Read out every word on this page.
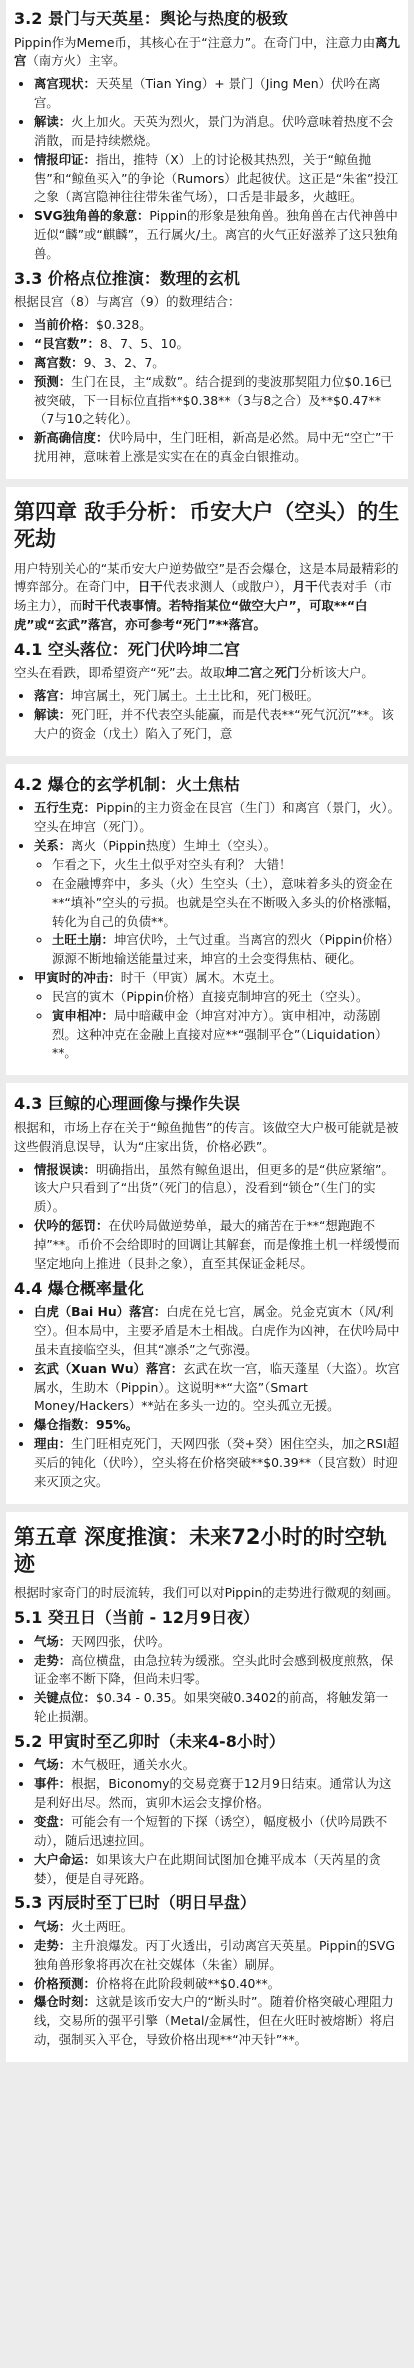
3.2 景门与天英星：舆论与热度的极致

Pippin作为Meme币，其核心在于“注意力”。在奇门中，注意力由离九宫（南方火）主宰。

• 离宫现状：天英星（Tian Ying）+ 景门（Jing Men）伏吟在离宫。
• 解读：火上加火。天英为烈火，景门为消息。伏吟意味着热度不会消散，而是持续燃烧。
• 情报印证：指出，推特（X）上的讨论极其热烈，关于“鲸鱼抛售”和“鲸鱼买入”的争论（Rumors）此起彼伏。这正是“朱雀”投江之象（离宫隐神往往带朱雀气场），口舌是非最多，火越旺。
• SVG独角兽的象意：Pippin的形象是独角兽。独角兽在古代神兽中近似“麟”或“麒麟”，五行属火/土。离宫的火气正好滋养了这只独角兽。
3.3 价格点位推演：数理的玄机

根据艮宫（8）与离宫（9）的数理结合：

• 当前价格：$0.328。
• “艮宫数”：8、7、5、10。
• 离宫数：9、3、2、7。
• 预测：生门在艮，主“成数”。结合提到的斐波那契阻力位$0.16已被突破，下一目标位直指**$0.38**（3与8之合）及**$0.47**（7与10之转化）。
• 新高确信度：伏吟局中，生门旺相，新高是必然。局中无“空亡”干扰用神，意味着上涨是实实在在的真金白银推动。
第四章 敌手分析：币安大户（空头）的生死劫

用户特别关心的“某币安大户逆势做空”是否会爆仓，这是本局最精彩的博弈部分。在奇门中，日干代表求测人（或散户），月干代表对手（市场主力），而时干代表事情。若特指某位“做空大户”，可取**“白虎”或“玄武”落宫，亦可参考“死门”**落宫。

4.1 空头落位：死门伏吟坤二宫

空头在看跌，即希望资产“死”去。故取坤二宫之死门分析该大户。

• 落宫：坤宫属土，死门属土。土土比和，死门极旺。
• 解读：死门旺，并不代表空头能赢，而是代表**“死气沉沉”**。该大户的资金（戊土）陷入了死门，意
4.2 爆仓的玄学机制：火土焦枯
• 五行生克：Pippin的主力资金在艮宫（生门）和离宫（景门，火）。空头在坤宫（死门）。
• 关系：离火（Pippin热度）生坤土（空头）。
◦ 乍看之下，火生土似乎对空头有利？ 大错！
◦ 在金融博弈中，多头（火）生空头（土），意味着多头的资金在**“填补”空头的亏损。也就是空头在不断吸入多头的价格涨幅，转化为自己的负债**。
◦ 土旺土崩：坤宫伏吟，土气过重。当离宫的烈火（Pippin价格）源源不断地输送能量过来，坤宫的土会变得焦枯、硬化。
• 甲寅时的冲击：时干（甲寅）属木。木克土。
◦ 民宫的寅木（Pippin价格）直接克制坤宫的死土（空头）。
◦ 寅申相冲：局中暗藏申金（坤宫对冲方）。寅申相冲，动荡剧烈。这种冲克在金融上直接对应**“强制平仓”（Liquidation）**。
4.3 巨鲸的心理画像与操作失误

根据和，市场上存在关于“鲸鱼抛售”的传言。该做空大户极可能就是被这些假消息误导，认为“庄家出货，价格必跌”。

• 情报误读：明确指出，虽然有鲸鱼退出，但更多的是“供应紧缩”。该大户只看到了“出货”（死门的信息），没看到“锁仓”（生门的实质）。
• 伏吟的惩罚：在伏吟局做逆势单，最大的痛苦在于**“想跑跑不掉”**。币价不会给即时的回调让其解套，而是像推土机一样缓慢而坚定地向上推进（艮卦之象），直至其保证金耗尽。
4.4 爆仓概率量化
• 白虎（Bai Hu）落宫：白虎在兑七宫，属金。兑金克寅木（风/利空）。但本局中，主要矛盾是木土相战。白虎作为凶神，在伏吟局中虽未直接临空头，但其“凛杀”之气弥漫。
• 玄武（Xuan Wu）落宫：玄武在坎一宫，临天蓬星（大盗）。坎宫属水，生助木（Pippin）。这说明**“大盗”（Smart Money/Hackers）**站在多头一边的。空头孤立无援。
• 爆仓指数：95%。
• 理由：生门旺相克死门，天网四张（癸+癸）困住空头，加之RSI超买后的钝化（伏吟），空头将在价格突破**$0.39**（艮宫数）时迎来灭顶之灾。
第五章 深度推演：未来72小时的时空轨迹

根据时家奇门的时辰流转，我们可以对Pippin的走势进行微观的刻画。

5.1 癸丑日（当前 - 12月9日夜）
• 气场：天网四张，伏吟。
• 走势：高位横盘，由急拉转为缓涨。空头此时会感到极度煎熬，保证金率不断下降，但尚未归零。
• 关键点位：$0.34 - 0.35。如果突破0.3402的前高，将触发第一轮止损潮。
5.2 甲寅时至乙卯时（未来4-8小时）
• 气场：木气极旺，通关水火。
• 事件：根据，Biconomy的交易竞赛于12月9日结束。通常认为这是利好出尽。然而，寅卯木运会支撑价格。
• 变盘：可能会有一个短暂的下探（诱空），幅度极小（伏吟局跌不动），随后迅速拉回。
• 大户命运：如果该大户在此期间试图加仓摊平成本（天芮星的贪婪），便是自寻死路。
5.3 丙辰时至丁巳时（明日早盘）
• 气场：火土两旺。
• 走势：主升浪爆发。丙丁火透出，引动离宫天英星。Pippin的SVG独角兽形象将再次在社交媒体（朱雀）刷屏。
• 价格预测：价格将在此阶段刺破**$0.40**。
• 爆仓时刻：这就是该币安大户的“断头时”。随着价格突破心理阻力线，交易所的强平引擎（Metal/金属性，但在火旺时被熔断）将启动，强制买入平仓，导致价格出现**“冲天针”**。
